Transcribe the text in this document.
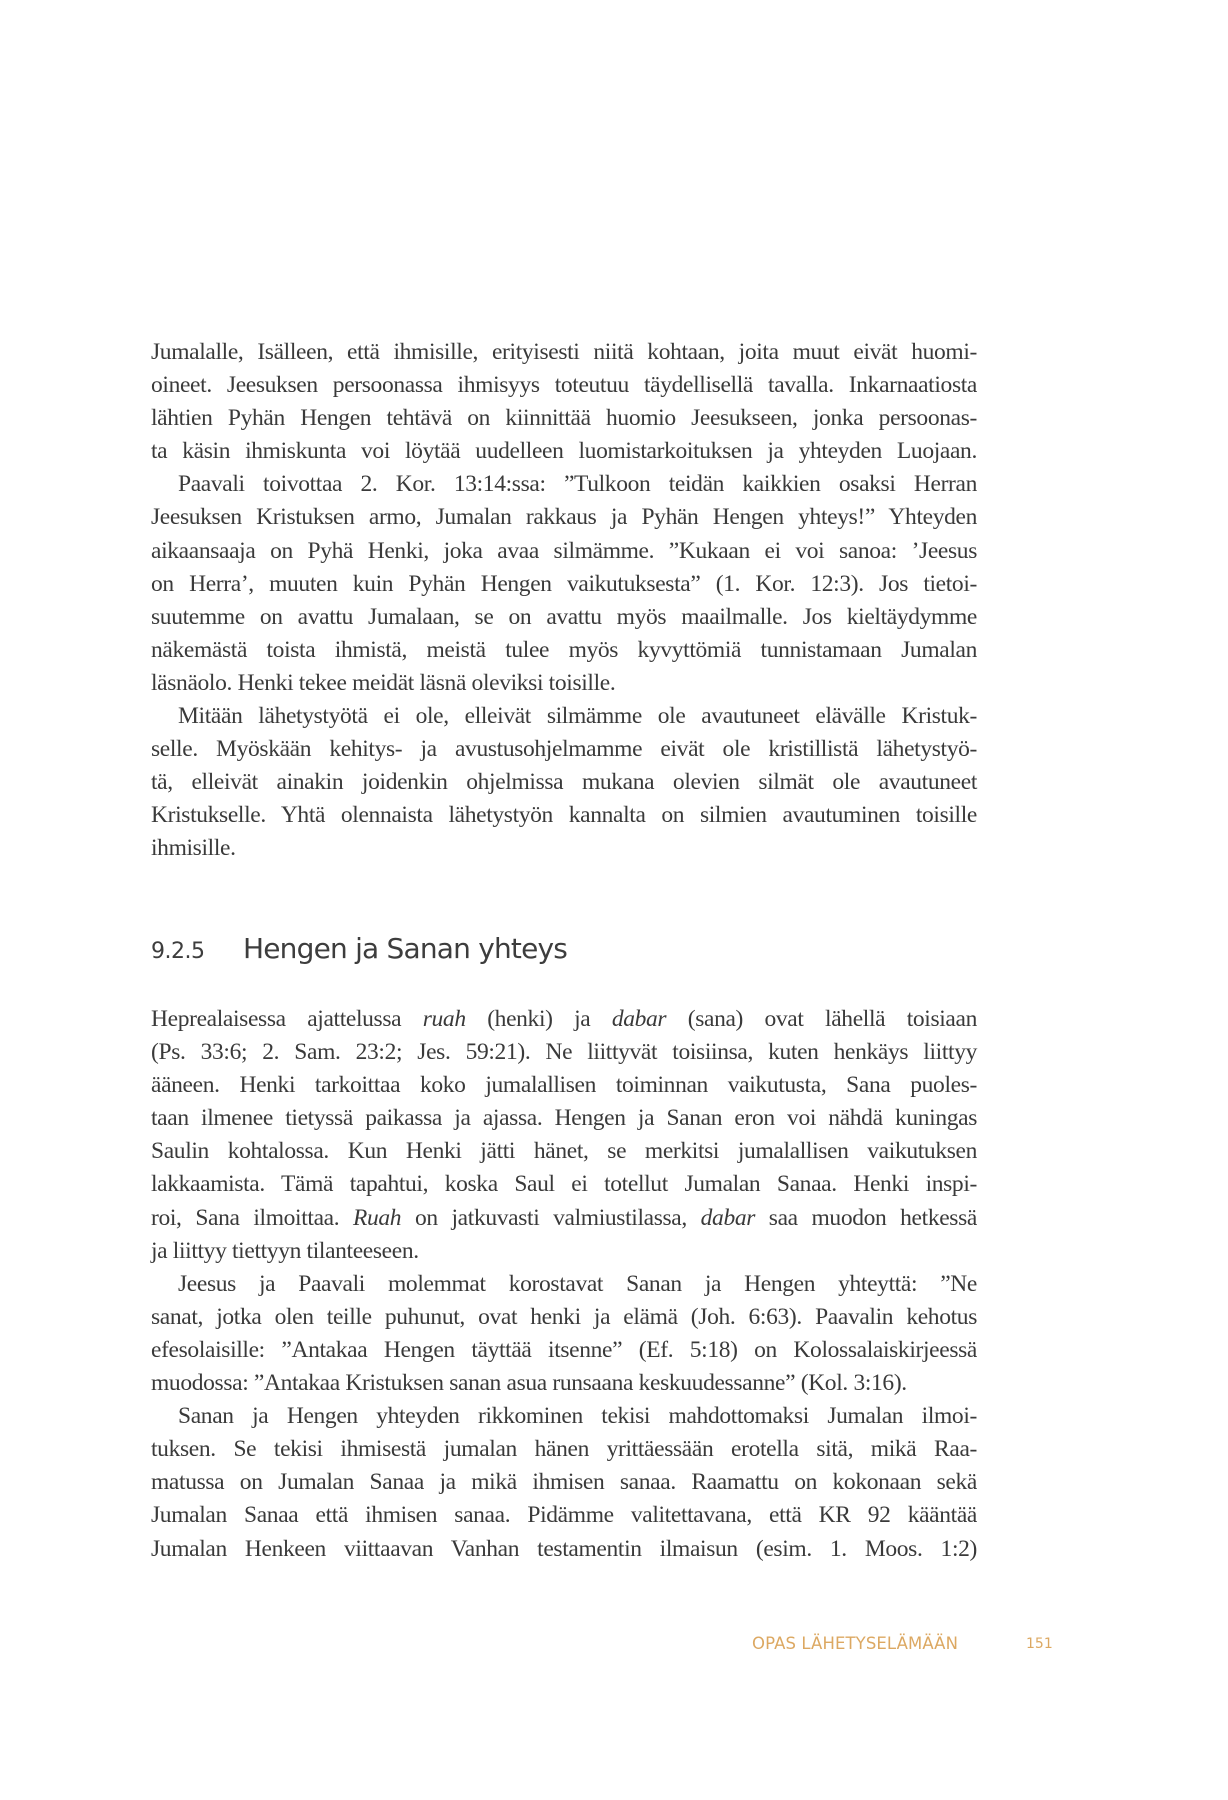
Jumalalle, Isälleen, että ihmisille, erityisesti niitä kohtaan, joita muut eivät huomi-
oineet. Jeesuksen persoonassa ihmisyys toteutuu täydellisellä tavalla. Inkarnaatiosta
lähtien Pyhän Hengen tehtävä on kiinnittää huomio Jeesukseen, jonka persoonas-
ta käsin ihmiskunta voi löytää uudelleen luomistarkoituksen ja yhteyden Luojaan.
Paavali toivottaa 2. Kor. 13:14:ssa: ”Tulkoon teidän kaikkien osaksi Herran
Jeesuksen Kristuksen armo, Jumalan rakkaus ja Pyhän Hengen yhteys!” Yhteyden
aikaansaaja on Pyhä Henki, joka avaa silmämme. ”Kukaan ei voi sanoa: ’Jeesus
on Herra’, muuten kuin Pyhän Hengen vaikutuksesta” (1. Kor. 12:3). Jos tietoi-
suutemme on avattu Jumalaan, se on avattu myös maailmalle. Jos kieltäydymme
näkemästä toista ihmistä, meistä tulee myös kyvyttömiä tunnistamaan Jumalan
läsnäolo. Henki tekee meidät läsnä oleviksi toisille.
Mitään lähetystyötä ei ole, elleivät silmämme ole avautuneet elävälle Kristuk-
selle. Myöskään kehitys- ja avustusohjelmamme eivät ole kristillistä lähetystyö-
tä, elleivät ainakin joidenkin ohjelmissa mukana olevien silmät ole avautuneet
Kristukselle. Yhtä olennaista lähetystyön kannalta on silmien avautuminen toisille
ihmisille.
9.2.5	Hengen ja Sanan yhteys
Heprealaisessa ajattelussa ruah (henki) ja dabar (sana) ovat lähellä toisiaan
(Ps. 33:6; 2. Sam. 23:2; Jes. 59:21). Ne liittyvät toisiinsa, kuten henkäys liittyy
ääneen. Henki tarkoittaa koko jumalallisen toiminnan vaikutusta, Sana puoles-
taan ilmenee tietyssä paikassa ja ajassa. Hengen ja Sanan eron voi nähdä kuningas
Saulin kohtalossa. Kun Henki jätti hänet, se merkitsi jumalallisen vaikutuksen
lakkaamista. Tämä tapahtui, koska Saul ei totellut Jumalan Sanaa. Henki inspi-
roi, Sana ilmoittaa. Ruah on jatkuvasti valmiustilassa, dabar saa muodon hetkessä
ja liittyy tiettyyn tilanteeseen.
Jeesus ja Paavali molemmat korostavat Sanan ja Hengen yhteyttä: ”Ne
sanat, jotka olen teille puhunut, ovat henki ja elämä (Joh. 6:63). Paavalin kehotus
efesolaisille: ”Antakaa Hengen täyttää itsenne” (Ef. 5:18) on Kolossalaiskirjeessä
muodossa: ”Antakaa Kristuksen sanan asua runsaana keskuudessanne” (Kol. 3:16).
Sanan ja Hengen yhteyden rikkominen tekisi mahdottomaksi Jumalan ilmoi-
tuksen. Se tekisi ihmisestä jumalan hänen yrittäessään erotella sitä, mikä Raa-
matussa on Jumalan Sanaa ja mikä ihmisen sanaa. Raamattu on kokonaan sekä
Jumalan Sanaa että ihmisen sanaa. Pidämme valitettavana, että KR 92 kääntää
Jumalan Henkeen viittaavan Vanhan testamentin ilmaisun (esim. 1. Moos. 1:2)
OPAS LÄHETYSELÄMÄÄN	151
